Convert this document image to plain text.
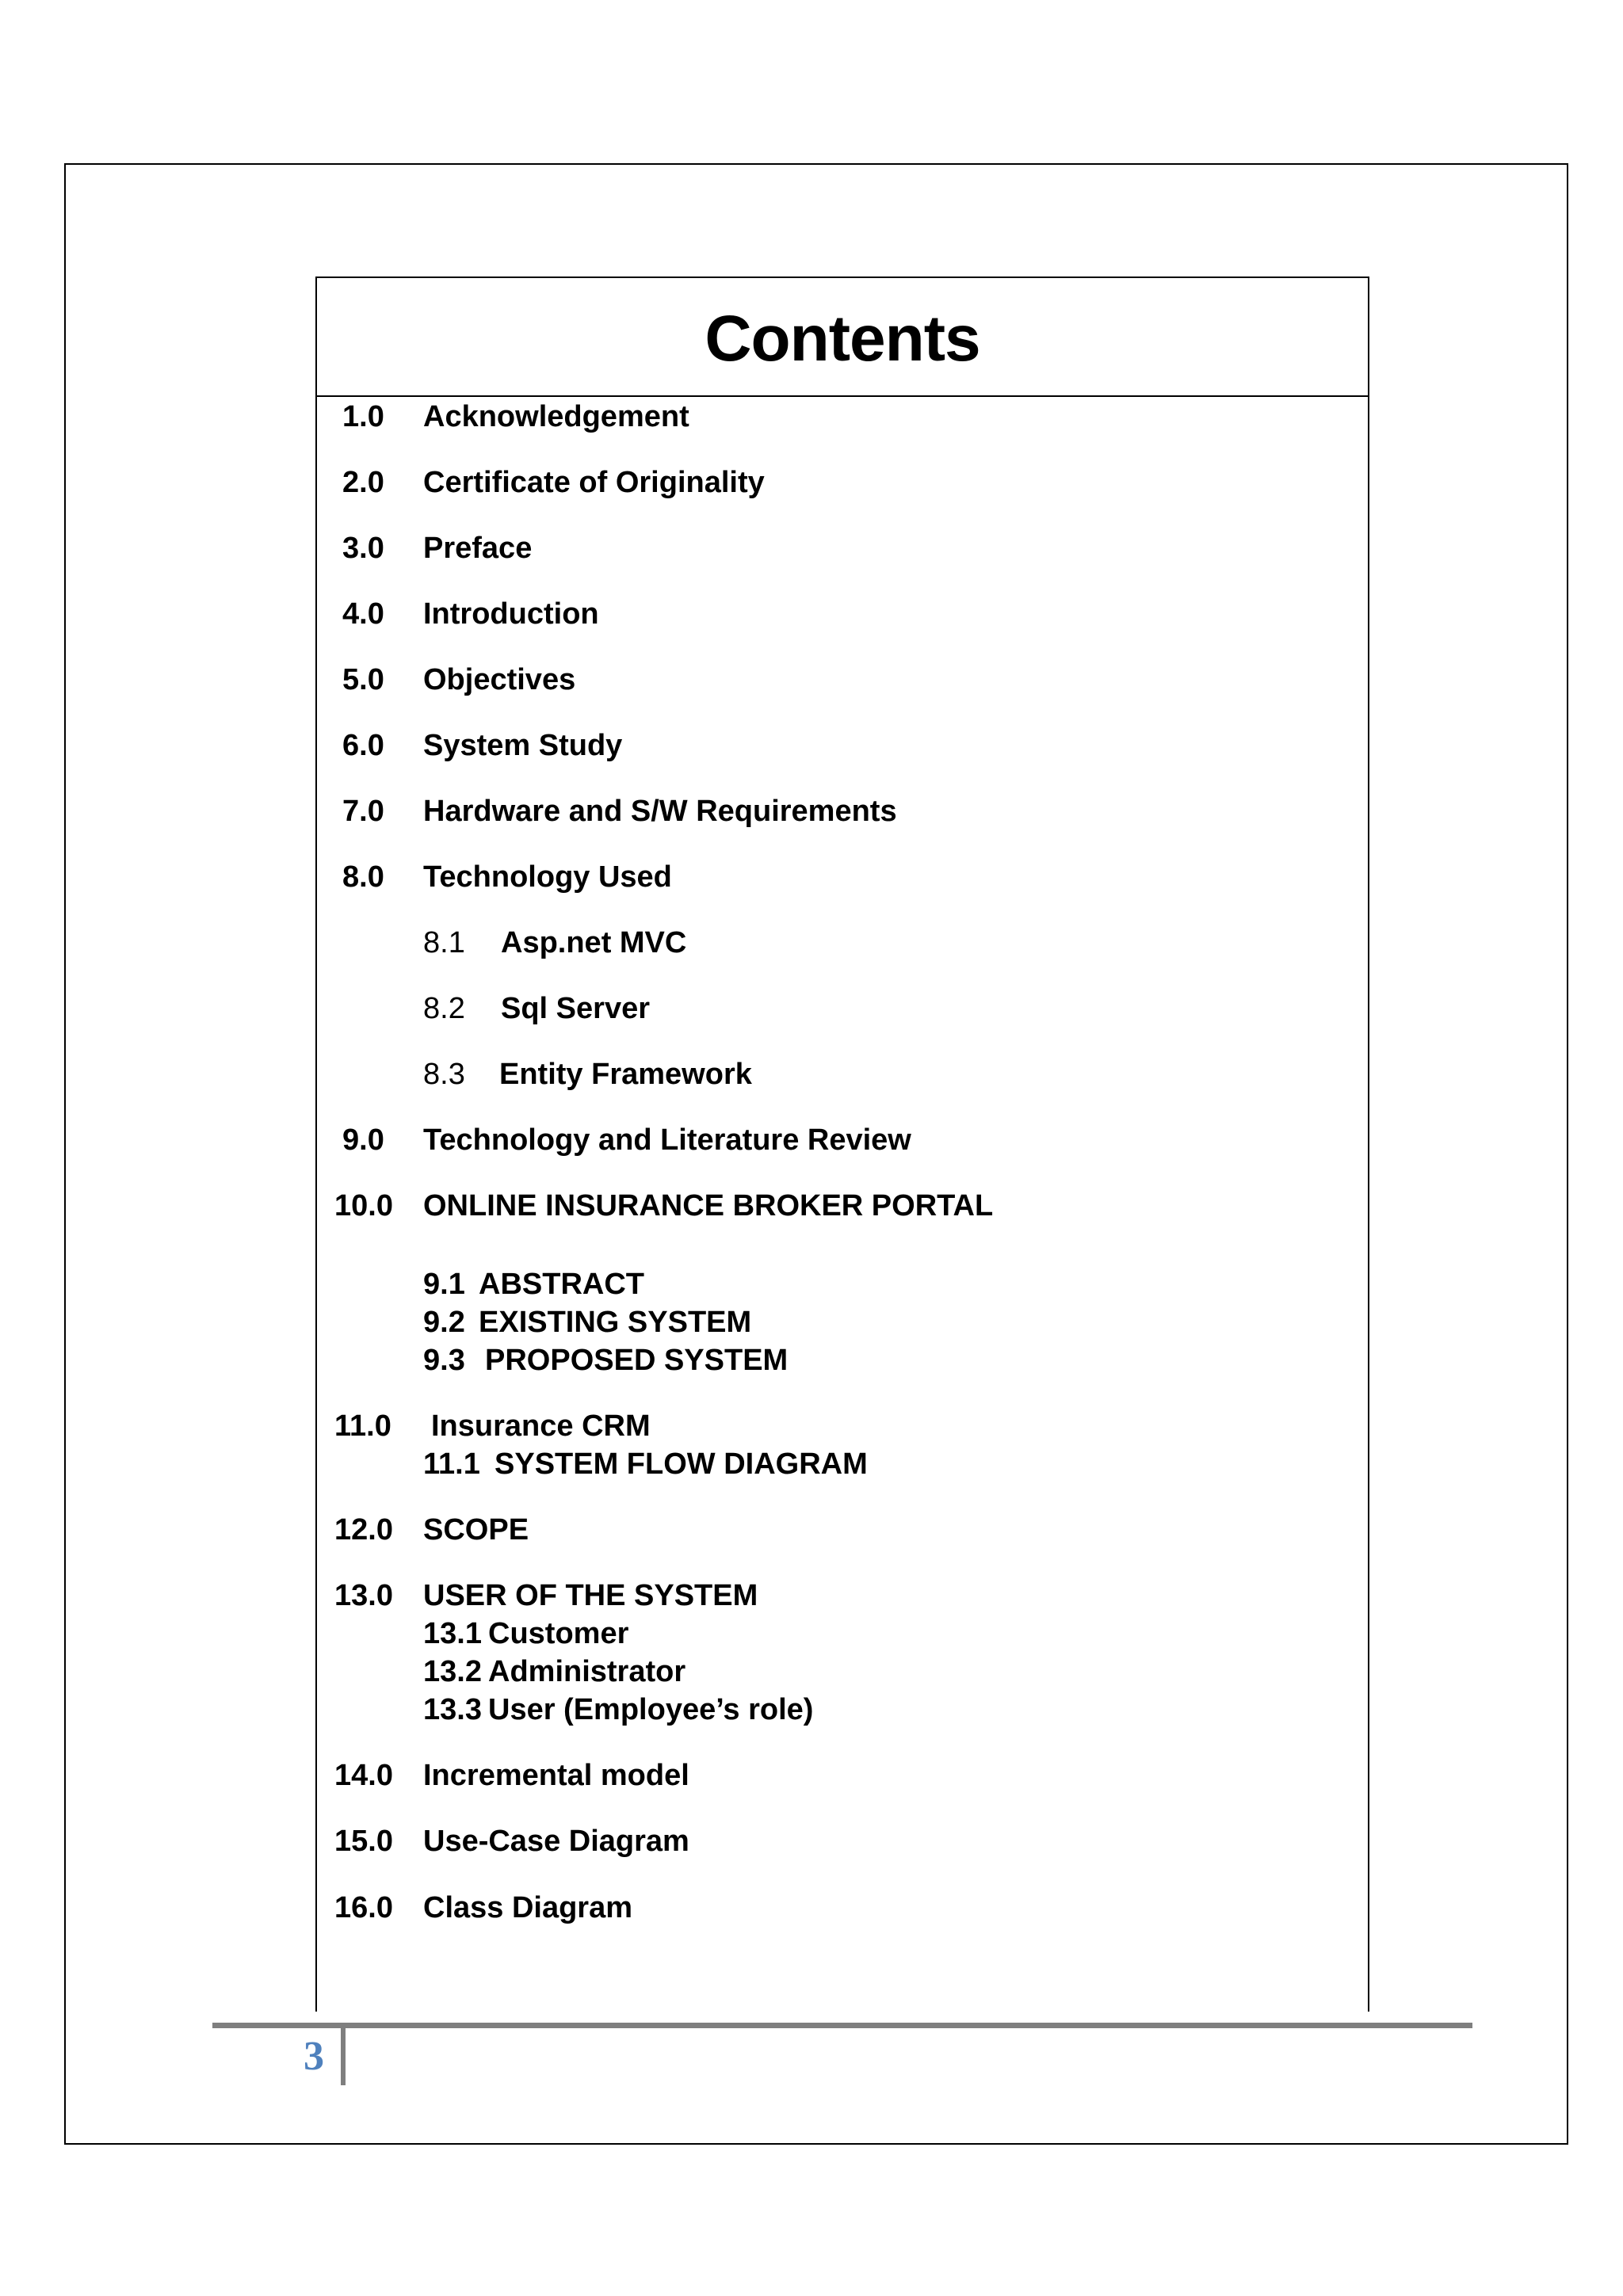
Contents
1.0 Acknowledgement
2.0 Certificate of Originality
3.0 Preface
4.0 Introduction
5.0 Objectives
6.0 System Study
7.0 Hardware and S/W Requirements
8.0 Technology Used
8.1 Asp.net MVC
8.2 Sql Server
8.3 Entity Framework
9.0 Technology and Literature Review
10.0 ONLINE INSURANCE BROKER PORTAL
9.1 ABSTRACT
9.2 EXISTING SYSTEM
9.3 PROPOSED SYSTEM
11.0 Insurance CRM
11.1 SYSTEM FLOW DIAGRAM
12.0 SCOPE
13.0 USER OF THE SYSTEM
13.1 Customer
13.2 Administrator
13.3 User (Employee’s role)
14.0 Incremental model
15.0 Use-Case Diagram
16.0 Class Diagram
3
